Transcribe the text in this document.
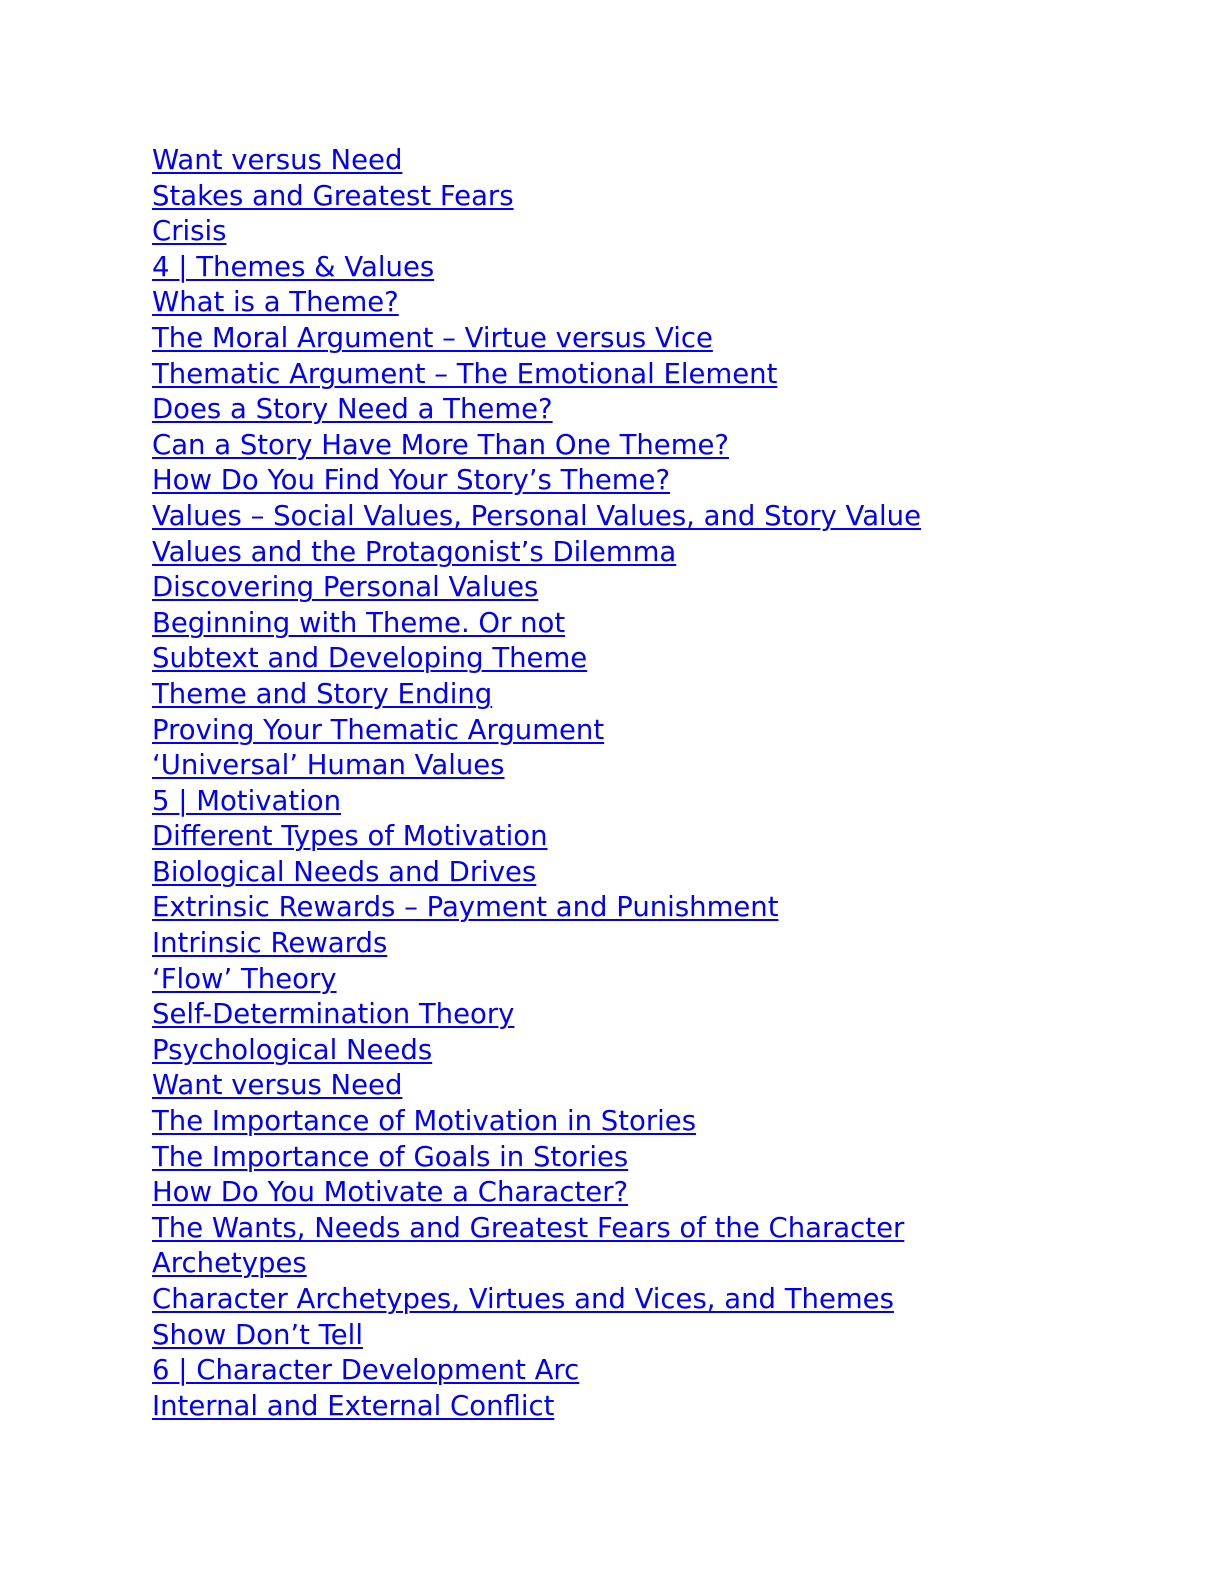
Want versus Need
Stakes and Greatest Fears
Crisis
4 | Themes & Values
What is a Theme?
The Moral Argument – Virtue versus Vice
Thematic Argument – The Emotional Element
Does a Story Need a Theme?
Can a Story Have More Than One Theme?
How Do You Find Your Story’s Theme?
Values – Social Values, Personal Values, and Story Value
Values and the Protagonist’s Dilemma
Discovering Personal Values
Beginning with Theme. Or not
Subtext and Developing Theme
Theme and Story Ending
Proving Your Thematic Argument
‘Universal’ Human Values
5 | Motivation
Different Types of Motivation
Biological Needs and Drives
Extrinsic Rewards – Payment and Punishment
Intrinsic Rewards
‘Flow’ Theory
Self-Determination Theory
Psychological Needs
Want versus Need
The Importance of Motivation in Stories
The Importance of Goals in Stories
How Do You Motivate a Character?
The Wants, Needs and Greatest Fears of the Character
Archetypes
Character Archetypes, Virtues and Vices, and Themes
Show Don’t Tell
6 | Character Development Arc
Internal and External Conflict
